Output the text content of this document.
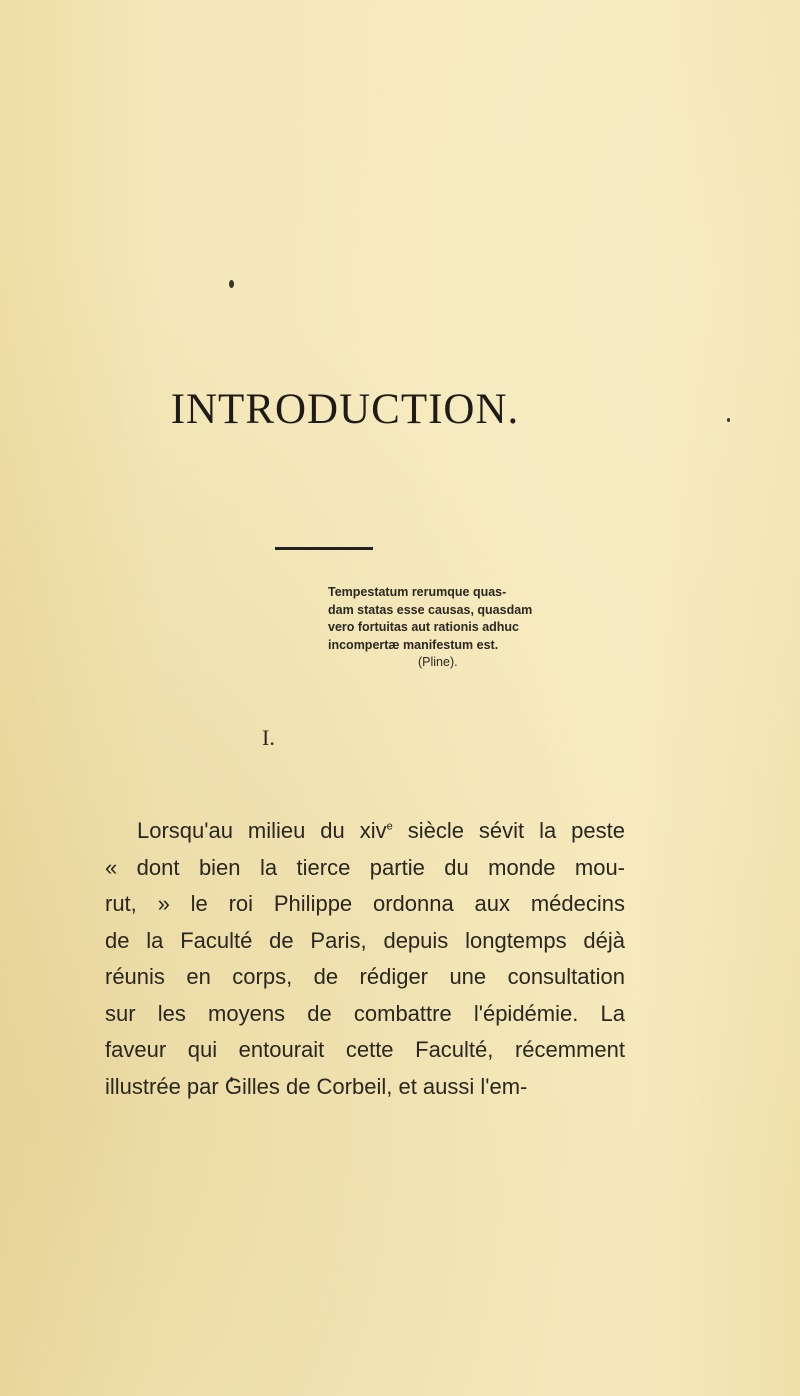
INTRODUCTION.
Tempestatum rerumque quas-
dam statas esse causas, quasdam
vero fortuitas aut rationis adhuc
incompertæ manifestum est.
(Pline).
I.
Lorsqu'au milieu du xiv$^e$ siècle sévit la peste
« dont bien la tierce partie du monde mou-
rut, » le roi Philippe ordonna aux médecins
de la Faculté de Paris, depuis longtemps déjà
réunis en corps, de rédiger une consultation
sur les moyens de combattre l'épidémie. La
faveur qui entourait cette Faculté, récemment
illustrée par Gilles de Corbeil, et aussi l'em-
